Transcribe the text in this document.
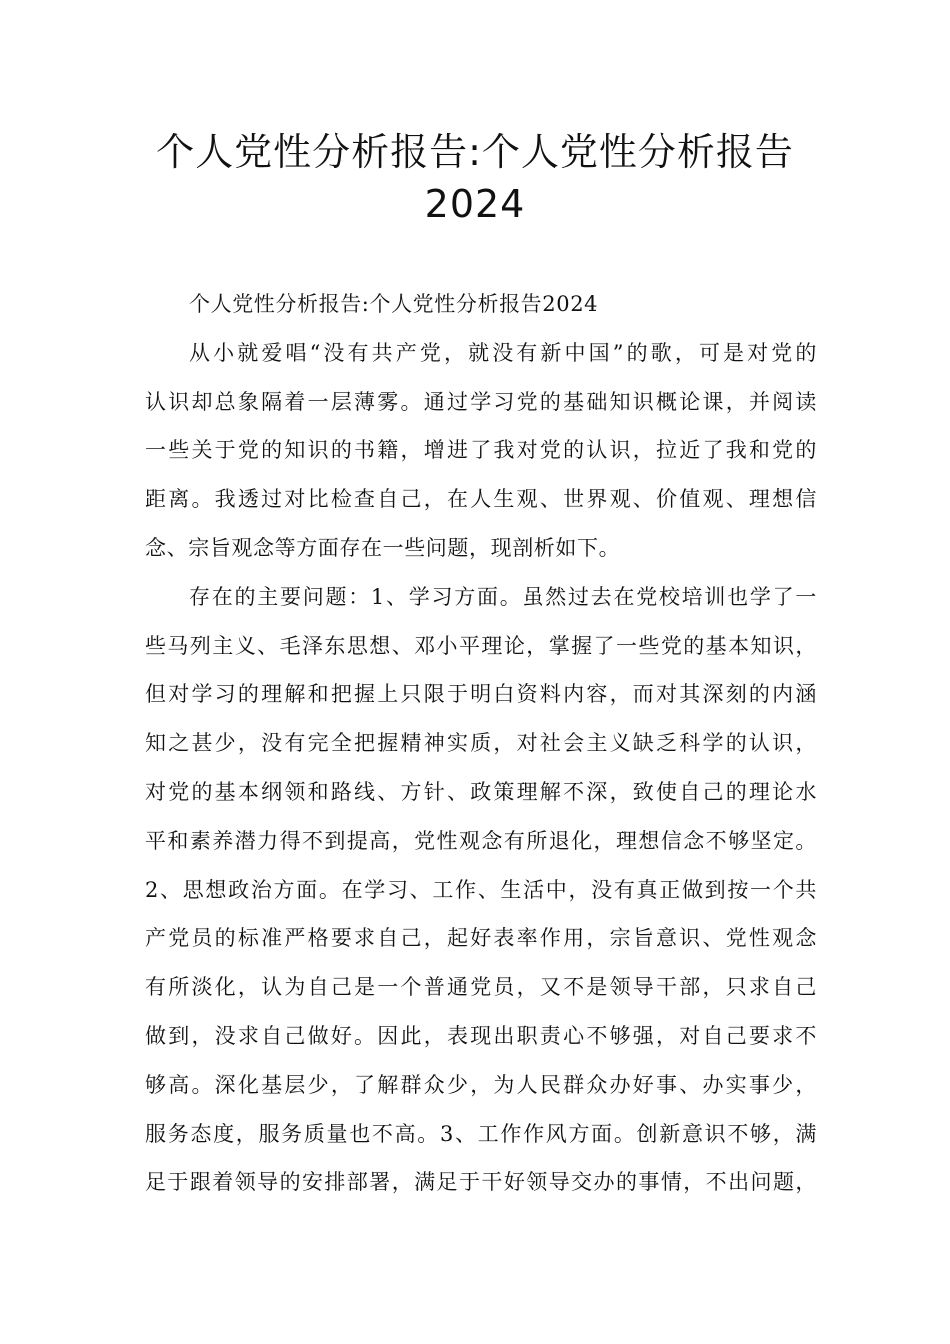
个人党性分析报告:个人党性分析报告
2024
个人党性分析报告:个人党性分析报告2024
从小就爱唱“没有共产党，就没有新中国”的歌，可是对党的
认识却总象隔着一层薄雾。通过学习党的基础知识概论课，并阅读
一些关于党的知识的书籍，增进了我对党的认识，拉近了我和党的
距离。我透过对比检查自己，在人生观、世界观、价值观、理想信
念、宗旨观念等方面存在一些问题，现剖析如下。
存在的主要问题：1、学习方面。虽然过去在党校培训也学了一
些马列主义、毛泽东思想、邓小平理论，掌握了一些党的基本知识，
但对学习的理解和把握上只限于明白资料内容，而对其深刻的内涵
知之甚少，没有完全把握精神实质，对社会主义缺乏科学的认识，
对党的基本纲领和路线、方针、政策理解不深，致使自己的理论水
平和素养潜力得不到提高，党性观念有所退化，理想信念不够坚定。
2、思想政治方面。在学习、工作、生活中，没有真正做到按一个共
产党员的标准严格要求自己，起好表率作用，宗旨意识、党性观念
有所淡化，认为自己是一个普通党员，又不是领导干部，只求自己
做到，没求自己做好。因此，表现出职责心不够强，对自己要求不
够高。深化基层少，了解群众少，为人民群众办好事、办实事少，
服务态度，服务质量也不高。3、工作作风方面。创新意识不够，满
足于跟着领导的安排部署，满足于干好领导交办的事情，不出问题，
